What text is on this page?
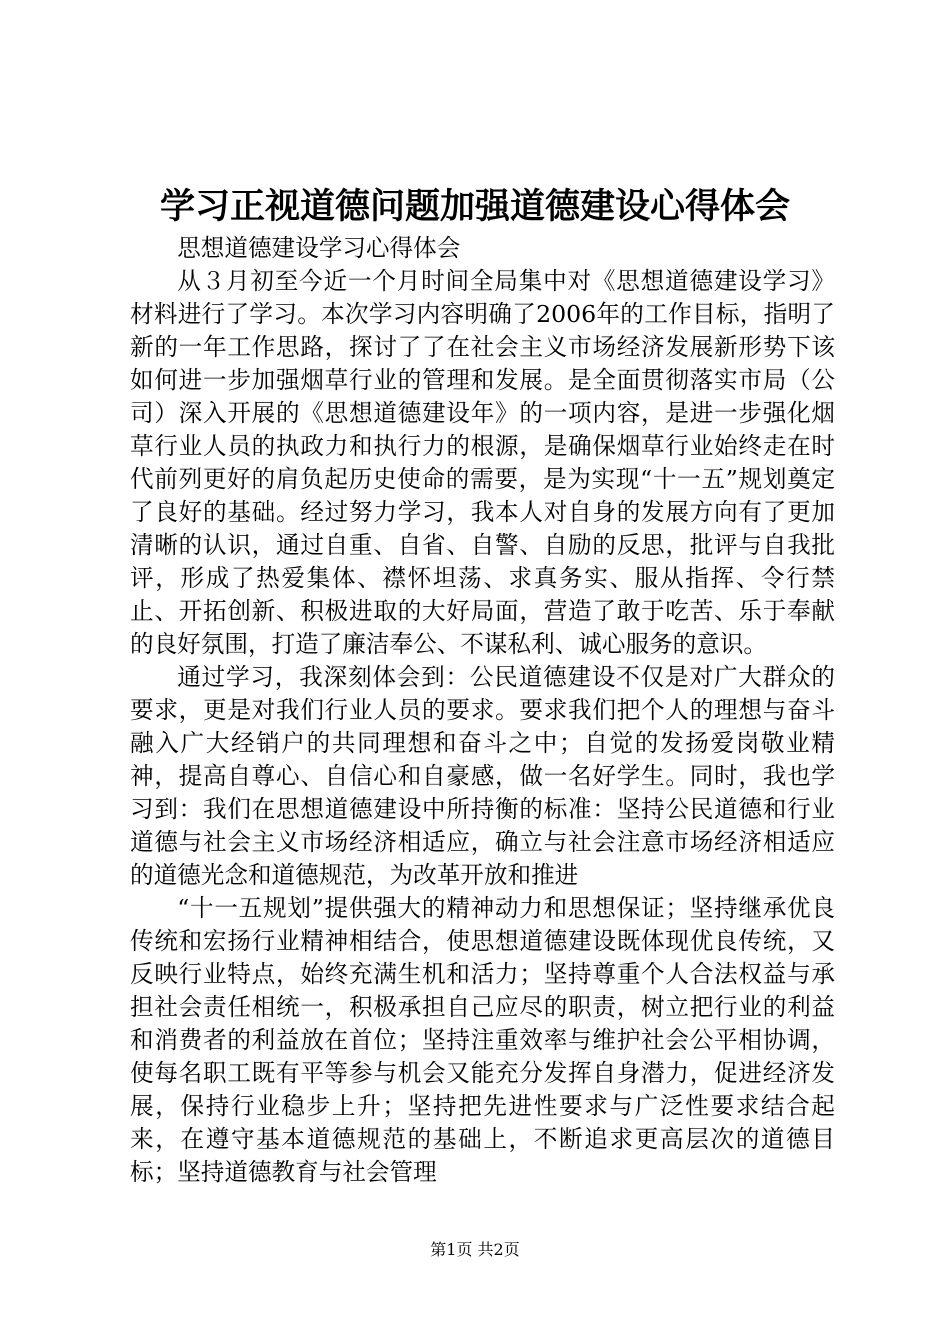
学习正视道德问题加强道德建设心得体会

思想道德建设学习心得体会

从３月初至今近一个月时间全局集中对《思想道德建设学习》材料进行了学习。本次学习内容明确了2006年的工作目标，指明了新的一年工作思路，探讨了了在社会主义市场经济发展新形势下该如何进一步加强烟草行业的管理和发展。是全面贯彻落实市局（公司）深入开展的《思想道德建设年》的一项内容，是进一步强化烟草行业人员的执政力和执行力的根源，是确保烟草行业始终走在时代前列更好的肩负起历史使命的需要，是为实现“十一五”规划奠定了良好的基础。经过努力学习，我本人对自身的发展方向有了更加清晰的认识，通过自重、自省、自警、自励的反思，批评与自我批评，形成了热爱集体、襟怀坦荡、求真务实、服从指挥、令行禁止、开拓创新、积极进取的大好局面，营造了敢于吃苦、乐于奉献的良好氛围，打造了廉洁奉公、不谋私利、诚心服务的意识。

通过学习，我深刻体会到：公民道德建设不仅是对广大群众的要求，更是对我们行业人员的要求。要求我们把个人的理想与奋斗融入广大经销户的共同理想和奋斗之中；自觉的发扬爱岗敬业精神，提高自尊心、自信心和自豪感，做一名好学生。同时，我也学习到：我们在思想道德建设中所持衡的标准：坚持公民道德和行业道德与社会主义市场经济相适应，确立与社会注意市场经济相适应的道德光念和道德规范，为改革开放和推进

“十一五规划”提供强大的精神动力和思想保证；坚持继承优良传统和宏扬行业精神相结合，使思想道德建设既体现优良传统，又反映行业特点，始终充满生机和活力；坚持尊重个人合法权益与承担社会责任相统一，积极承担自己应尽的职责，树立把行业的利益和消费者的利益放在首位；坚持注重效率与维护社会公平相协调，使每名职工既有平等参与机会又能充分发挥自身潜力，促进经济发展，保持行业稳步上升；坚持把先进性要求与广泛性要求结合起来，在遵守基本道德规范的基础上，不断追求更高层次的道德目标；坚持道德教育与社会管理

第1页 共2页
